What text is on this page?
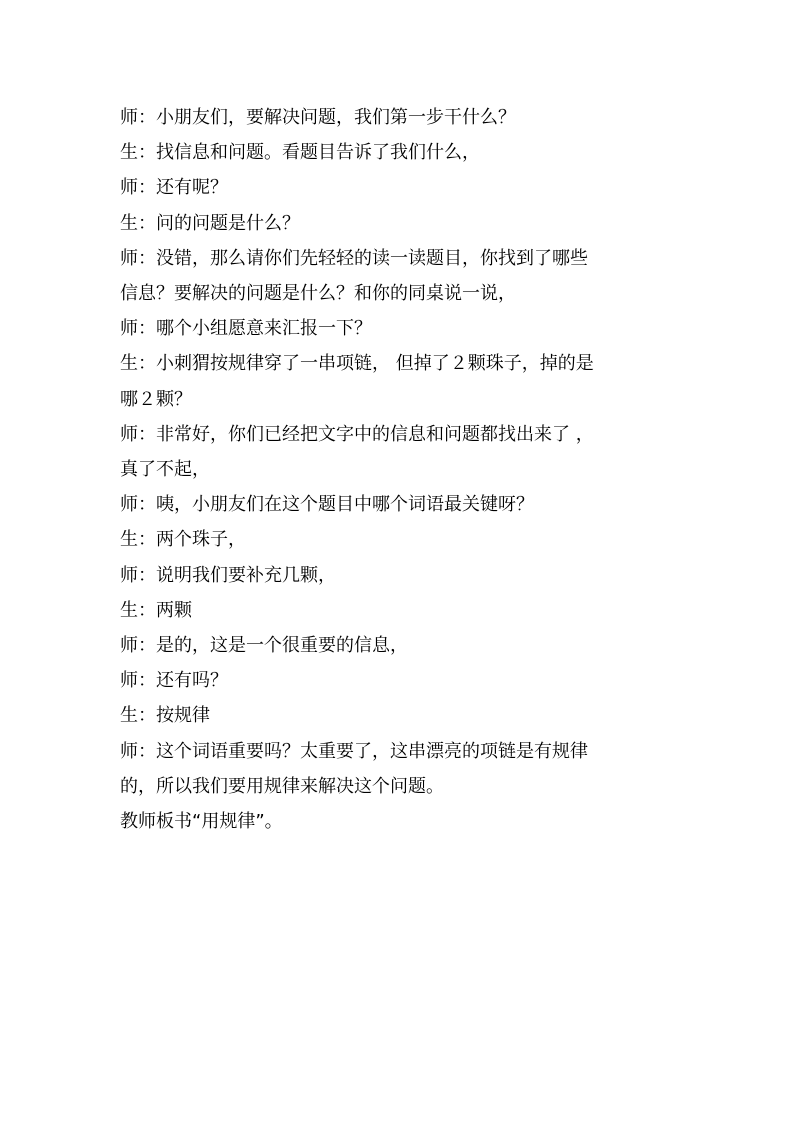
师：小朋友们，要解决问题，我们第一步干什么？

生：找信息和问题。看题目告诉了我们什么，

师：还有呢？

生：问的问题是什么？

师：没错，那么请你们先轻轻的读一读题目，你找到了哪些
信息？要解决的问题是什么？和你的同桌说一说，

师：哪个小组愿意来汇报一下？

生：小刺猬按规律穿了一串项链， 但掉了２颗珠子，掉的是
哪２颗？

师：非常好，你们已经把文字中的信息和问题都找出来了 ，
真了不起，

师：咦，小朋友们在这个题目中哪个词语最关键呀？

生：两个珠子，

师：说明我们要补充几颗，

生：两颗

师：是的，这是一个很重要的信息，

师：还有吗？

生：按规律

师：这个词语重要吗？太重要了，这串漂亮的项链是有规律
的，所以我们要用规律来解决这个问题。

教师板书“用规律”。
